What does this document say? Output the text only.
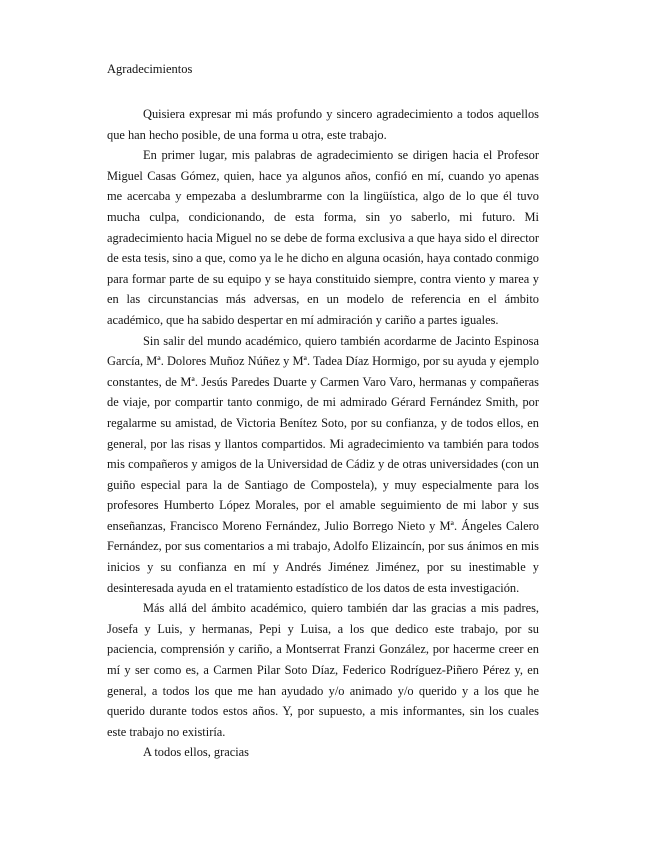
Agradecimientos

Quisiera expresar mi más profundo y sincero agradecimiento a todos aquellos que han hecho posible, de una forma u otra, este trabajo.

En primer lugar, mis palabras de agradecimiento se dirigen hacia el Profesor Miguel Casas Gómez, quien, hace ya algunos años, confió en mí, cuando yo apenas me acercaba y empezaba a deslumbrarme con la lingüística, algo de lo que él tuvo mucha culpa, condicionando, de esta forma, sin yo saberlo, mi futuro. Mi agradecimiento hacia Miguel no se debe de forma exclusiva a que haya sido el director de esta tesis, sino a que, como ya le he dicho en alguna ocasión, haya contado conmigo para formar parte de su equipo y se haya constituido siempre, contra viento y marea y en las circunstancias más adversas, en un modelo de referencia en el ámbito académico, que ha sabido despertar en mí admiración y cariño a partes iguales.

Sin salir del mundo académico, quiero también acordarme de Jacinto Espinosa García, Mª. Dolores Muñoz Núñez y Mª. Tadea Díaz Hormigo, por su ayuda y ejemplo constantes, de Mª. Jesús Paredes Duarte y Carmen Varo Varo, hermanas y compañeras de viaje, por compartir tanto conmigo, de mi admirado Gérard Fernández Smith, por regalarme su amistad, de Victoria Benítez Soto, por su confianza, y de todos ellos, en general, por las risas y llantos compartidos. Mi agradecimiento va también para todos mis compañeros y amigos de la Universidad de Cádiz y de otras universidades (con un guiño especial para la de Santiago de Compostela), y muy especialmente para los profesores Humberto López Morales, por el amable seguimiento de mi labor y sus enseñanzas, Francisco Moreno Fernández, Julio Borrego Nieto y Mª. Ángeles Calero Fernández, por sus comentarios a mi trabajo, Adolfo Elizaincín, por sus ánimos en mis inicios y su confianza en mí y Andrés Jiménez Jiménez, por su inestimable y desinteresada ayuda en el tratamiento estadístico de los datos de esta investigación.

Más allá del ámbito académico, quiero también dar las gracias a mis padres, Josefa y Luis, y hermanas, Pepi y Luisa, a los que dedico este trabajo, por su paciencia, comprensión y cariño, a Montserrat Franzi González, por hacerme creer en mí y ser como es, a Carmen Pilar Soto Díaz, Federico Rodríguez-Piñero Pérez y, en general, a todos los que me han ayudado y/o animado y/o querido y a los que he querido durante todos estos años. Y, por supuesto, a mis informantes, sin los cuales este trabajo no existiría.

A todos ellos, gracias
